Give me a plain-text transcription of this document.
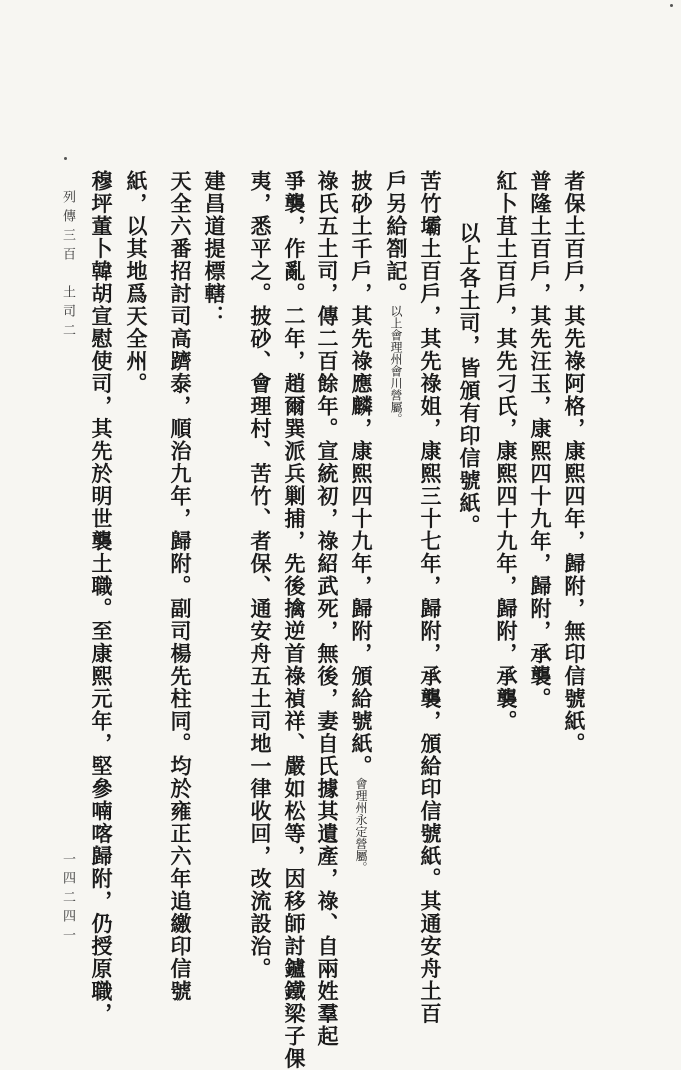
者保土百戶，其先祿阿格，康熙四年，歸附，無印信號紙。
普隆土百戶，其先汪玉，康熙四十九年，歸附，承襲。
紅卜苴土百戶，其先刁氏，康熙四十九年，歸附，承襲。
以上各土司，皆頒有印信號紙。
苦竹壩土百戶，其先祿姐，康熙三十七年，歸附，承襲，頒給印信號紙。其通安舟土百
戶另給劄記。以上會理州會川營屬。
披砂土千戶，其先祿應麟，康熙四十九年，歸附，頒給號紙。會理州永定營屬。
祿氏五土司，傳二百餘年。宣統初，祿紹武死，無後，妻自氏據其遺產，祿、自兩姓羣起
爭襲，作亂。二年，趙爾巽派兵剿捕，先後擒逆首祿禎祥、嚴如松等，因移師討鑪鐵梁子倮
夷，悉平之。披砂、會理村、苦竹、者保、通安舟五土司地一律收回，改流設治。
建昌道提標轄：
天全六番招討司高躋泰，順治九年，歸附。副司楊先柱同。均於雍正六年追繳印信號
紙，以其地爲天全州。
穆坪董卜韓胡宣慰使司，其先於明世襲土職。至康熙元年，堅參喃喀歸附，仍授原職，
列傳三百　土司二
一四二四一
